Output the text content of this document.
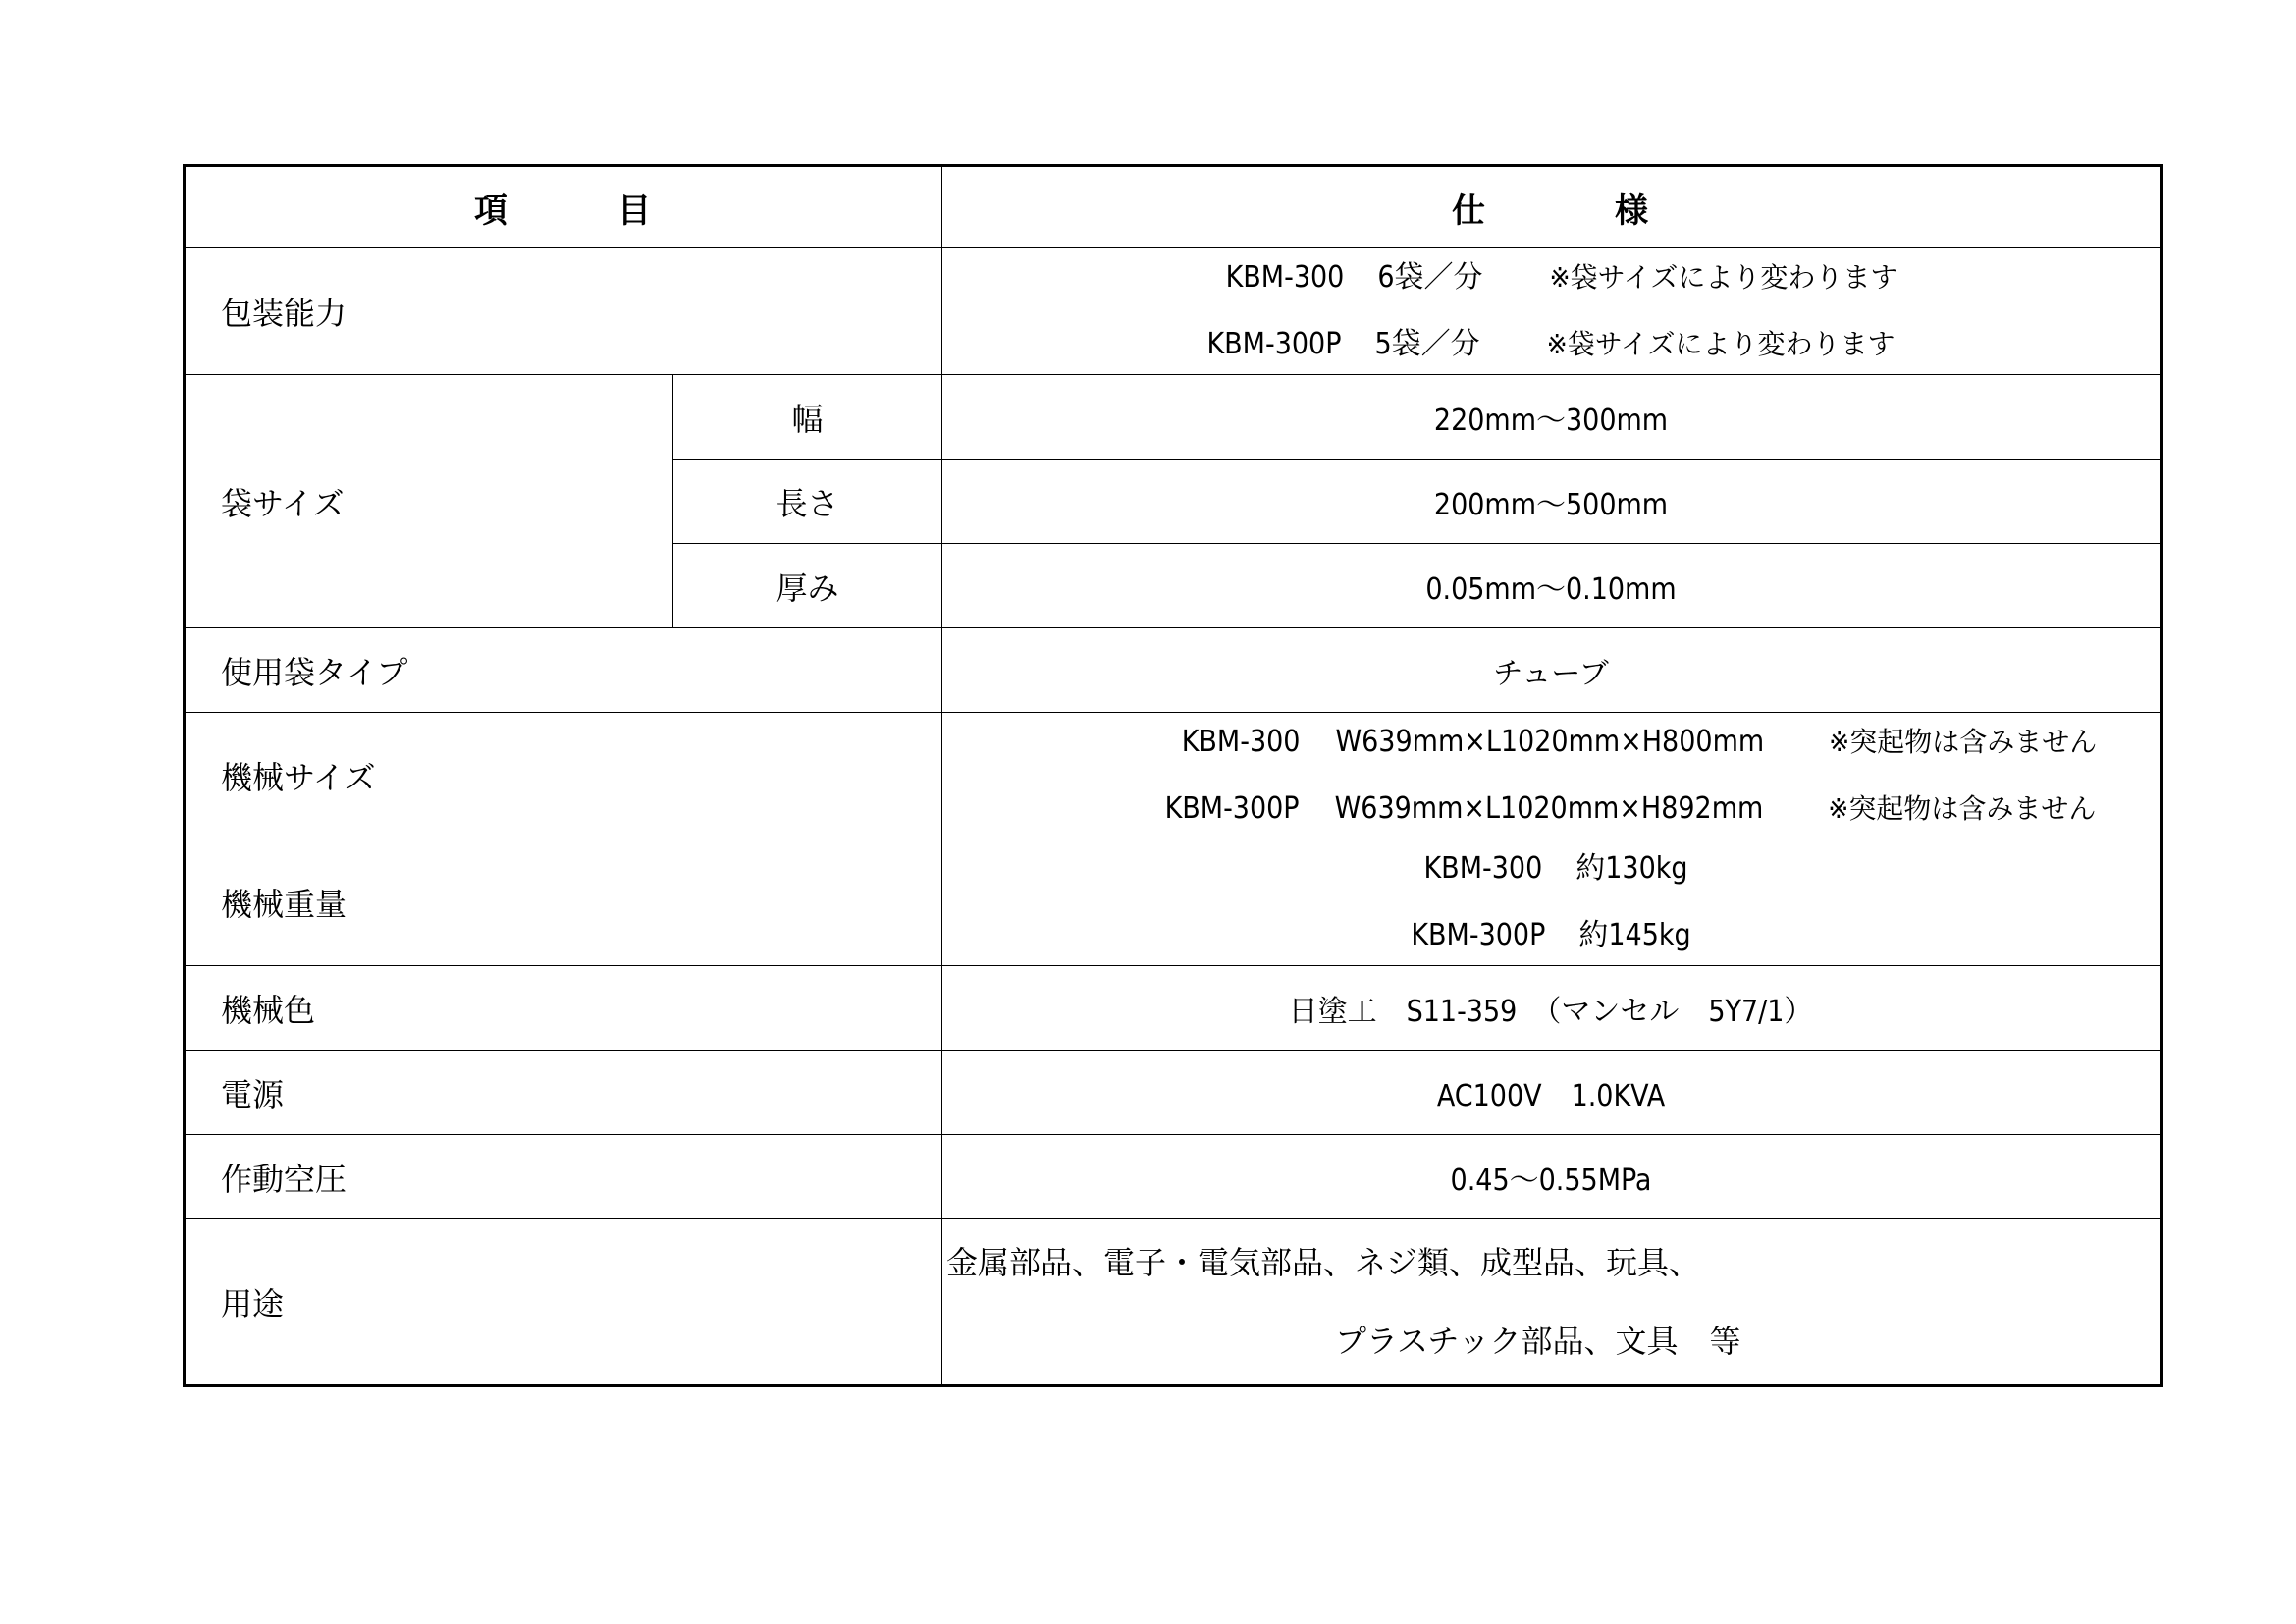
項 目		仕 様
包装能力		KBM-300 6袋／分 ※袋サイズにより変わります
KBM-300P 5袋／分 ※袋サイズにより変わります

袋サイズ	幅	220mm～300mm
	長さ	200mm～500mm
	厚み	0.05mm～0.10mm
使用袋タイプ		チューブ
機械サイズ		KBM-300 W639mm×L1020mm×H800mm ※突起物は含みません
KBM-300P W639mm×L1020mm×H892mm ※突起物は含みません

機械重量		KBM-300 約130kg
KBM-300P 約145kg

機械色		日塗工　S11-359　（マンセル　5Y7/1）
電源		AC100V　1.0KVA
作動空圧		0.45～0.55MPa
用途		金属部品、電子・電気部品、ネジ類、成型品、玩具、
プラスチック部品、文具　等
